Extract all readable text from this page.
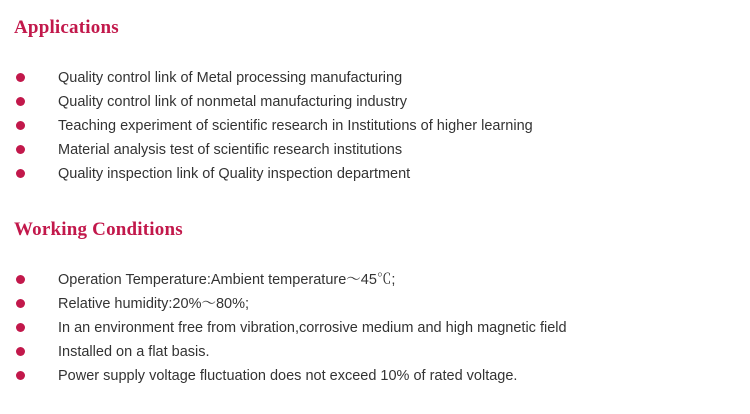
Applications
Quality control link of Metal processing manufacturing
Quality control link of nonmetal manufacturing industry
Teaching experiment of scientific research in Institutions of higher learning
Material analysis test of scientific research institutions
Quality inspection link of Quality inspection department
Working Conditions
Operation Temperature:Ambient temperature～45℃;
Relative humidity:20%～80%;
In an environment free from vibration,corrosive medium and high magnetic field
Installed on a flat basis.
Power supply voltage fluctuation does not exceed 10% of rated voltage.
